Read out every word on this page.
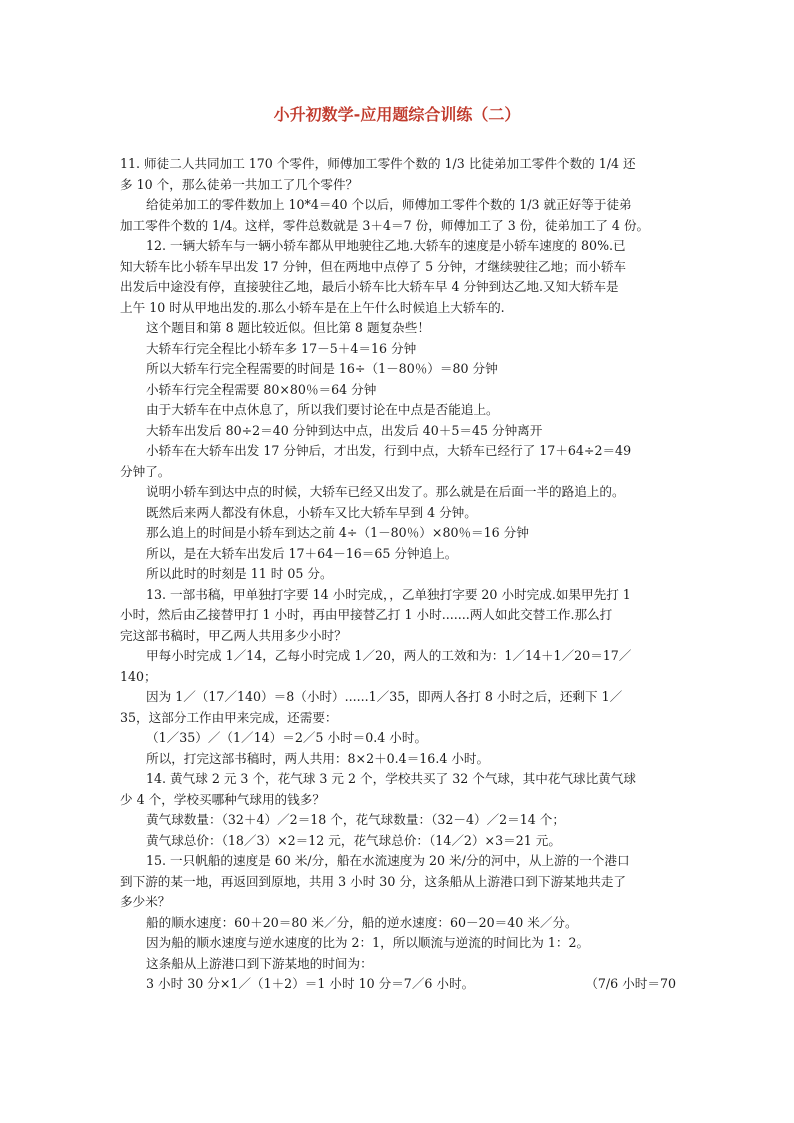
小升初数学-应用题综合训练（二）

11. 师徒二人共同加工 170 个零件，师傅加工零件个数的 1/3 比徒弟加工零件个数的 1/4 还

多 10 个，那么徒弟一共加工了几个零件？

给徒弟加工的零件数加上 10*4＝40 个以后，师傅加工零件个数的 1/3 就正好等于徒弟

加工零件个数的 1/4。这样，零件总数就是 3＋4＝7 份，师傅加工了 3 份，徒弟加工了 4 份。

12. 一辆大轿车与一辆小轿车都从甲地驶往乙地.大轿车的速度是小轿车速度的 80%.已

知大轿车比小轿车早出发 17 分钟，但在两地中点停了 5 分钟，才继续驶往乙地；而小轿车

出发后中途没有停，直接驶往乙地，最后小轿车比大轿车早 4 分钟到达乙地.又知大轿车是

上午 10 时从甲地出发的.那么小轿车是在上午什么时候追上大轿车的.

这个题目和第 8 题比较近似。但比第 8 题复杂些！

大轿车行完全程比小轿车多 17－5＋4＝16 分钟

所以大轿车行完全程需要的时间是 16÷（1－80％）＝80 分钟

小轿车行完全程需要 80×80％＝64 分钟

由于大轿车在中点休息了，所以我们要讨论在中点是否能追上。

大轿车出发后 80÷2＝40 分钟到达中点，出发后 40＋5＝45 分钟离开

小轿车在大轿车出发 17 分钟后，才出发，行到中点，大轿车已经行了 17＋64÷2＝49

分钟了。

说明小轿车到达中点的时候，大轿车已经又出发了。那么就是在后面一半的路追上的。

既然后来两人都没有休息，小轿车又比大轿车早到 4 分钟。

那么追上的时间是小轿车到达之前 4÷（1－80％）×80％＝16 分钟

所以，是在大轿车出发后 17＋64－16＝65 分钟追上。

所以此时的时刻是 11 时 05 分。

13. 一部书稿，甲单独打字要 14 小时完成，，乙单独打字要 20 小时完成.如果甲先打 1

小时，然后由乙接替甲打 1 小时，再由甲接替乙打 1 小时.......两人如此交替工作.那么打

完这部书稿时，甲乙两人共用多少小时？

甲每小时完成 1／14，乙每小时完成 1／20，两人的工效和为：1／14＋1／20＝17／

140；

因为 1／（17／140）＝8（小时）......1／35，即两人各打 8 小时之后，还剩下 1／

35，这部分工作由甲来完成，还需要：

（1／35）／（1／14）＝2／5 小时＝0.4 小时。

所以，打完这部书稿时，两人共用：8×2＋0.4＝16.4 小时。

14. 黄气球 2 元 3 个，花气球 3 元 2 个，学校共买了 32 个气球，其中花气球比黄气球

少 4 个，学校买哪种气球用的钱多？

黄气球数量：（32＋4）／2＝18 个，花气球数量：（32－4）／2＝14 个；

黄气球总价：（18／3）×2＝12 元，花气球总价：（14／2）×3＝21 元。

15. 一只帆船的速度是 60 米/分，船在水流速度为 20 米/分的河中，从上游的一个港口

到下游的某一地，再返回到原地，共用 3 小时 30 分，这条船从上游港口到下游某地共走了

多少米？

船的顺水速度：60＋20＝80 米／分，船的逆水速度：60－20＝40 米／分。

因为船的顺水速度与逆水速度的比为 2：1，所以顺流与逆流的时间比为 1：2。

这条船从上游港口到下游某地的时间为：

3 小时 30 分×1／（1＋2）＝1 小时 10 分＝7／6 小时。	（7/6 小时＝70
